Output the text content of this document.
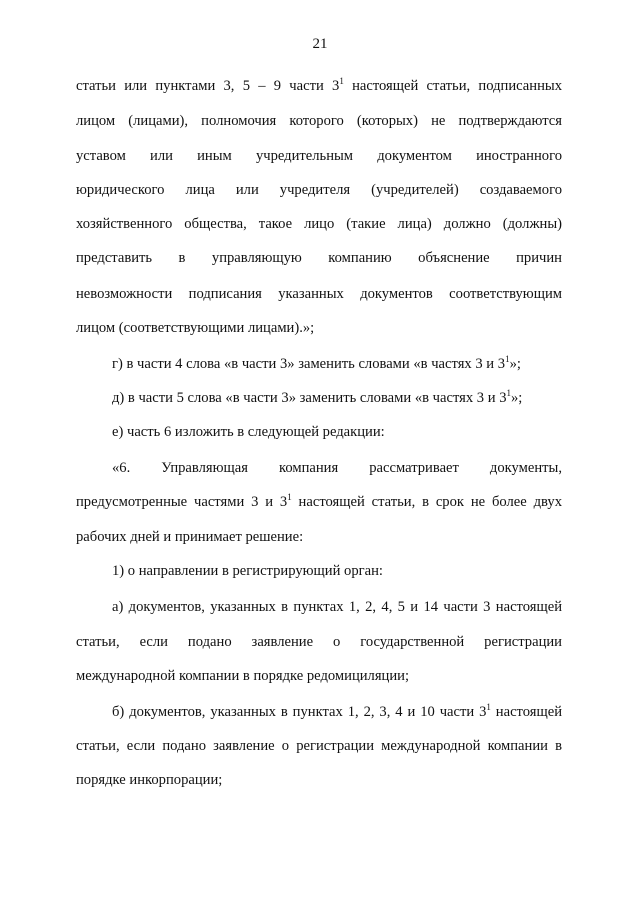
21
статьи или пунктами 3, 5 – 9 части $3^1$ настоящей статьи, подписанных
лицом (лицами), полномочия которого (которых) не подтверждаются
уставом или иным учредительным документом иностранного
юридического лица или учредителя (учредителей) создаваемого
хозяйственного общества, такое лицо (такие лица) должно (должны)
представить в управляющую компанию объяснение причин
невозможности подписания указанных документов соответствующим
лицом (соответствующими лицами).»;
г) в части 4 слова «в части 3» заменить словами «в частях 3 и $3^1$»;
д) в части 5 слова «в части 3» заменить словами «в частях 3 и $3^1$»;
е) часть 6 изложить в следующей редакции:
«6. Управляющая компания рассматривает документы,
предусмотренные частями 3 и $3^1$ настоящей статьи, в срок не более двух
рабочих дней и принимает решение:
1) о направлении в регистрирующий орган:
а) документов, указанных в пунктах 1, 2, 4, 5 и 14 части 3 настоящей
статьи, если подано заявление о государственной регистрации
международной компании в порядке редомициляции;
б) документов, указанных в пунктах 1, 2, 3, 4 и 10 части $3^1$ настоящей
статьи, если подано заявление о регистрации международной компании в
порядке инкорпорации;
